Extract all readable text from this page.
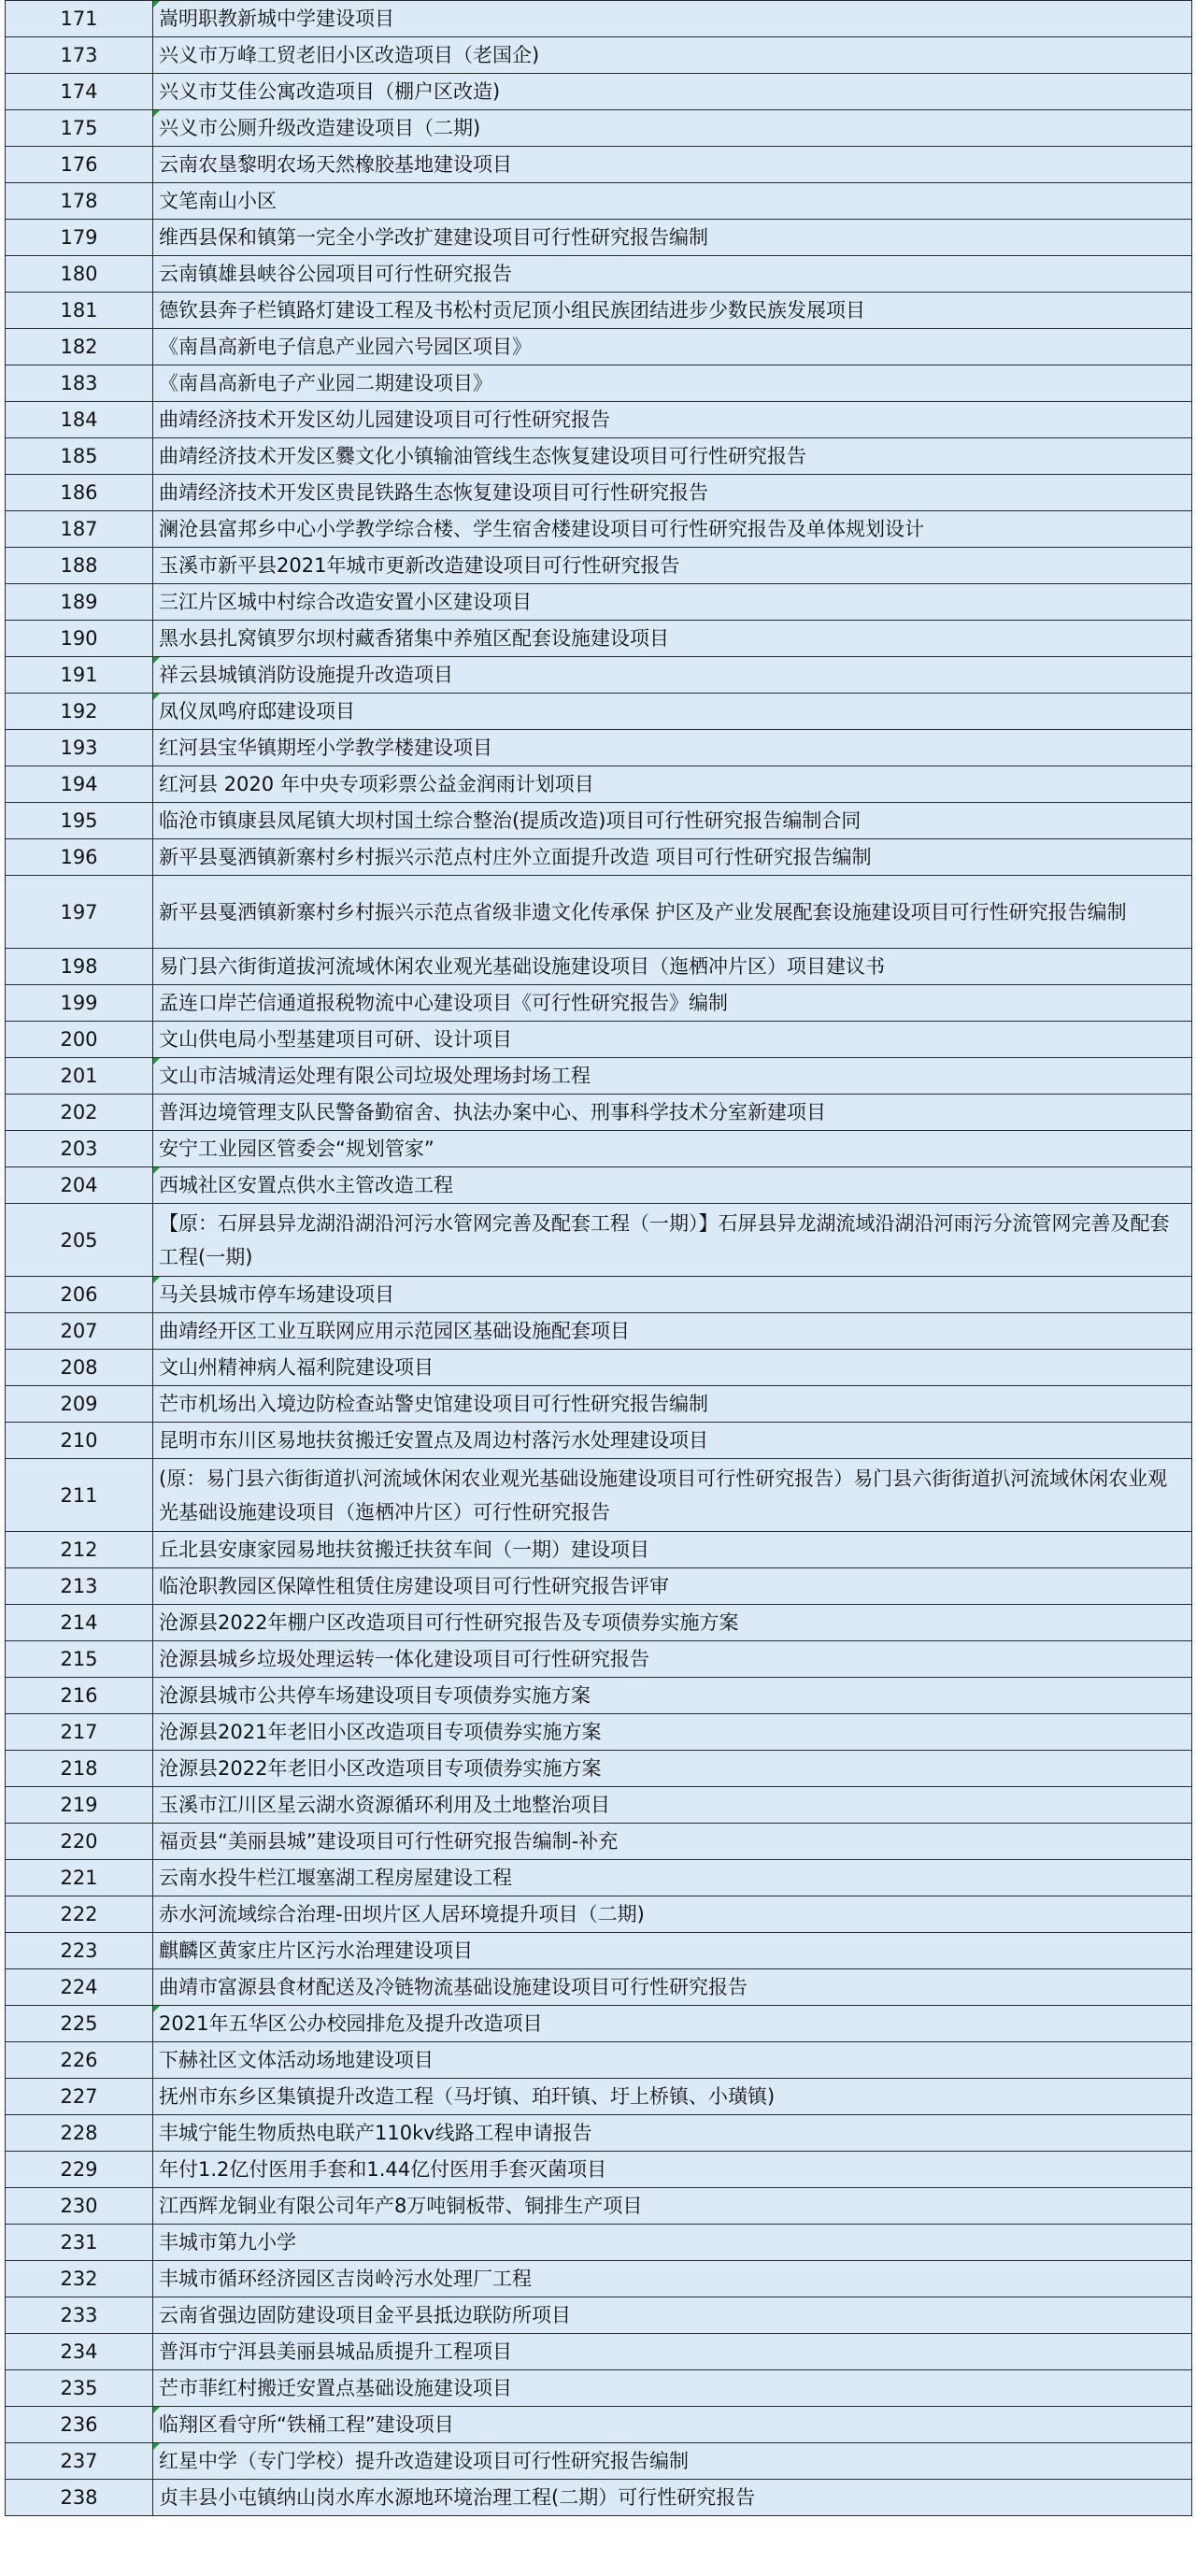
171	嵩明职教新城中学建设项目

173	兴义市万峰工贸老旧小区改造项目（老国企)
174	兴义市艾佳公寓改造项目（棚户区改造)
175	兴义市公厕升级改造建设项目（二期)

176	云南农垦黎明农场天然橡胶基地建设项目
178	文笔南山小区
179	维西县保和镇第一完全小学改扩建建设项目可行性研究报告编制
180	云南镇雄县峡谷公园项目可行性研究报告
181	德钦县奔子栏镇路灯建设工程及书松村贡尼顶小组民族团结进步少数民族发展项目
182	《南昌高新电子信息产业园六号园区项目》
183	《南昌高新电子产业园二期建设项目》
184	曲靖经济技术开发区幼儿园建设项目可行性研究报告
185	曲靖经济技术开发区爨文化小镇输油管线生态恢复建设项目可行性研究报告
186	曲靖经济技术开发区贵昆铁路生态恢复建设项目可行性研究报告
187	澜沧县富邦乡中心小学教学综合楼、学生宿舍楼建设项目可行性研究报告及单体规划设计
188	玉溪市新平县2021年城市更新改造建设项目可行性研究报告
189	三江片区城中村综合改造安置小区建设项目
190	黑水县扎窝镇罗尔坝村藏香猪集中养殖区配套设施建设项目
191	祥云县城镇消防设施提升改造项目

192	凤仪凤鸣府邸建设项目

193	红河县宝华镇期垤小学教学楼建设项目
194	红河县 2020 年中央专项彩票公益金润雨计划项目
195	临沧市镇康县凤尾镇大坝村国土综合整治(提质改造)项目可行性研究报告编制合同
196	新平县戛洒镇新寨村乡村振兴示范点村庄外立面提升改造 项目可行性研究报告编制
197	新平县戛洒镇新寨村乡村振兴示范点省级非遗文化传承保 护区及产业发展配套设施建设项目可行性研究报告编制
198	易门县六街街道拔河流域休闲农业观光基础设施建设项目（迤栖冲片区）项目建议书
199	孟连口岸芒信通道报税物流中心建设项目《可行性研究报告》编制
200	文山供电局小型基建项目可研、设计项目
201	文山市洁城清运处理有限公司垃圾处理场封场工程

202	普洱边境管理支队民警备勤宿舍、执法办案中心、刑事科学技术分室新建项目
203	安宁工业园区管委会“规划管家”
204	西城社区安置点供水主管改造工程

205	【原：石屏县异龙湖沿湖沿河污水管网完善及配套工程（一期）】石屏县异龙湖流域沿湖沿河雨污分流管网完善及配套工程(一期)
206	马关县城市停车场建设项目

207	曲靖经开区工业互联网应用示范园区基础设施配套项目
208	文山州精神病人福利院建设项目
209	芒市机场出入境边防检查站警史馆建设项目可行性研究报告编制
210	昆明市东川区易地扶贫搬迁安置点及周边村落污水处理建设项目
211	(原：易门县六街街道扒河流域休闲农业观光基础设施建设项目可行性研究报告）易门县六街街道扒河流域休闲农业观光基础设施建设项目（迤栖冲片区）可行性研究报告
212	丘北县安康家园易地扶贫搬迁扶贫车间（一期）建设项目
213	临沧职教园区保障性租赁住房建设项目可行性研究报告评审
214	沧源县2022年棚户区改造项目可行性研究报告及专项债券实施方案
215	沧源县城乡垃圾处理运转一体化建设项目可行性研究报告
216	沧源县城市公共停车场建设项目专项债券实施方案
217	沧源县2021年老旧小区改造项目专项债券实施方案
218	沧源县2022年老旧小区改造项目专项债券实施方案
219	玉溪市江川区星云湖水资源循环利用及土地整治项目
220	福贡县“美丽县城”建设项目可行性研究报告编制-补充
221	云南水投牛栏江堰塞湖工程房屋建设工程
222	赤水河流域综合治理-田坝片区人居环境提升项目（二期)
223	麒麟区黄家庄片区污水治理建设项目
224	曲靖市富源县食材配送及冷链物流基础设施建设项目可行性研究报告
225	2021年五华区公办校园排危及提升改造项目

226	下赫社区文体活动场地建设项目
227	抚州市东乡区集镇提升改造工程（马圩镇、珀玕镇、圩上桥镇、小璜镇)
228	丰城宁能生物质热电联产110kv线路工程申请报告
229	年付1.2亿付医用手套和1.44亿付医用手套灭菌项目
230	江西辉龙铜业有限公司年产8万吨铜板带、铜排生产项目
231	丰城市第九小学
232	丰城市循环经济园区吉岗岭污水处理厂工程
233	云南省强边固防建设项目金平县抵边联防所项目
234	普洱市宁洱县美丽县城品质提升工程项目
235	芒市菲红村搬迁安置点基础设施建设项目
236	临翔区看守所“铁桶工程”建设项目

237	红星中学（专门学校）提升改造建设项目可行性研究报告编制

238	贞丰县小屯镇纳山岗水库水源地环境治理工程(二期）可行性研究报告
